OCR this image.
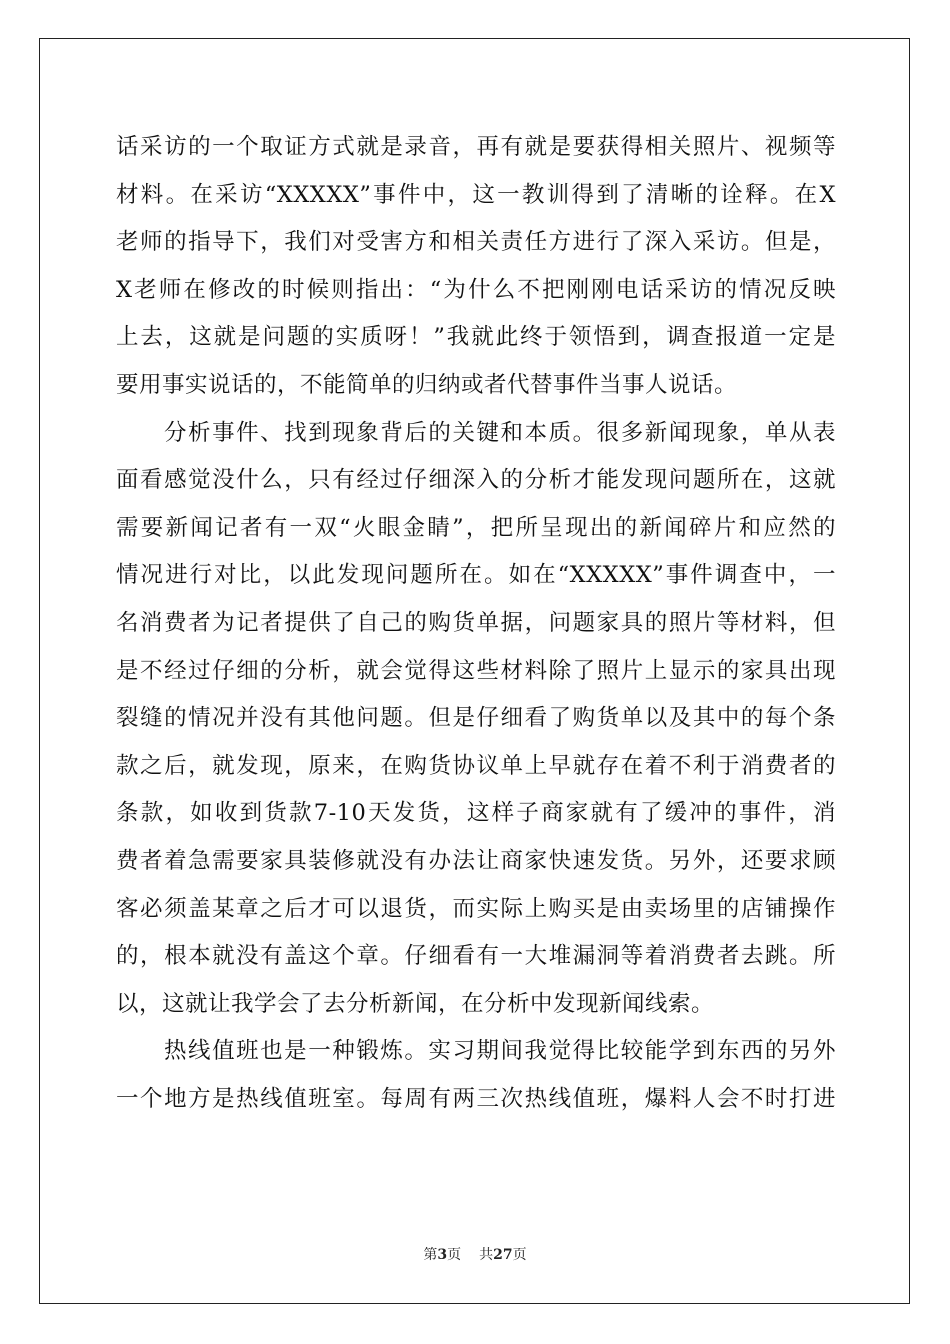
话采访的一个取证方式就是录音，再有就是要获得相关照片、视频等
材料。在采访“XXXXX”事件中，这一教训得到了清晰的诠释。在X
老师的指导下，我们对受害方和相关责任方进行了深入采访。但是，
X老师在修改的时候则指出：“为什么不把刚刚电话采访的情况反映
上去，这就是问题的实质呀！”我就此终于领悟到，调查报道一定是
要用事实说话的，不能简单的归纳或者代替事件当事人说话。
分析事件、找到现象背后的关键和本质。很多新闻现象，单从表
面看感觉没什么，只有经过仔细深入的分析才能发现问题所在，这就
需要新闻记者有一双“火眼金睛”，把所呈现出的新闻碎片和应然的
情况进行对比，以此发现问题所在。如在“XXXXX”事件调查中，一
名消费者为记者提供了自己的购货单据，问题家具的照片等材料，但
是不经过仔细的分析，就会觉得这些材料除了照片上显示的家具出现
裂缝的情况并没有其他问题。但是仔细看了购货单以及其中的每个条
款之后，就发现，原来，在购货协议单上早就存在着不利于消费者的
条款，如收到货款7-10天发货，这样子商家就有了缓冲的事件，消
费者着急需要家具装修就没有办法让商家快速发货。另外，还要求顾
客必须盖某章之后才可以退货，而实际上购买是由卖场里的店铺操作
的，根本就没有盖这个章。仔细看有一大堆漏洞等着消费者去跳。所
以，这就让我学会了去分析新闻，在分析中发现新闻线索。
热线值班也是一种锻炼。实习期间我觉得比较能学到东西的另外
一个地方是热线值班室。每周有两三次热线值班，爆料人会不时打进
第3页 共27页
